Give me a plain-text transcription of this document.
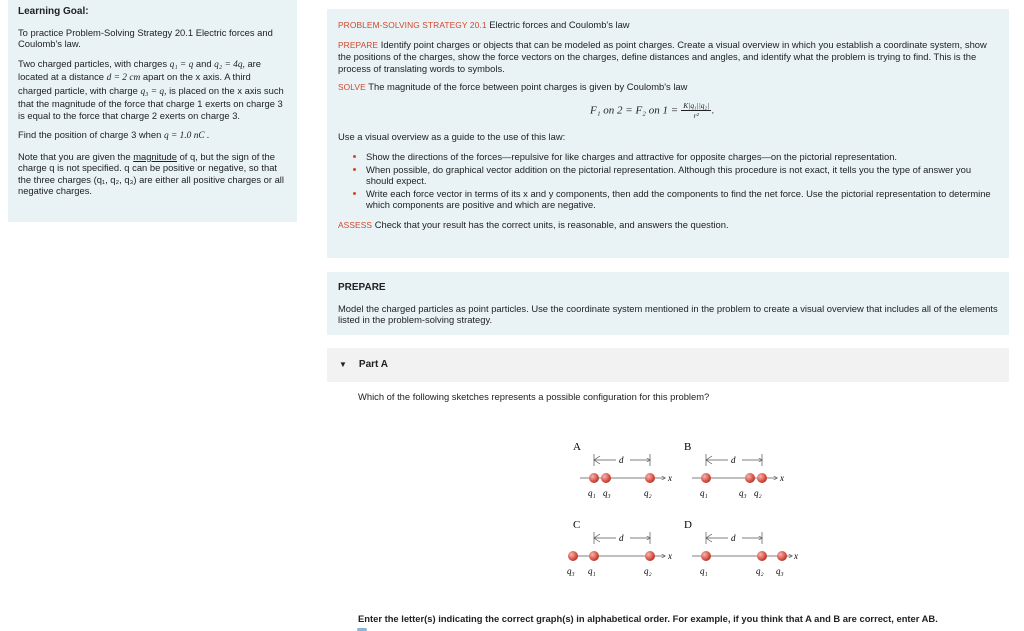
Learning Goal:

To practice Problem-Solving Strategy 20.1 Electric forces and Coulomb's law.

Two charged particles, with charges q₁ = q and q₂ = 4q, are located at a distance d = 2 cm apart on the x axis. A third charged particle, with charge q₃ = q, is placed on the x axis such that the magnitude of the force that charge 1 exerts on charge 3 is equal to the force that charge 2 exerts on charge 3.

Find the position of charge 3 when q = 1.0 nC .

Note that you are given the magnitude of q, but the sign of the charge q is not specified. q can be positive or negative, so that the three charges (q₁, q₂, q₃) are either all positive charges or all negative charges.

PROBLEM-SOLVING STRATEGY 20.1 Electric forces and Coulomb's law

PREPARE Identify point charges or objects that can be modeled as point charges. Create a visual overview in which you establish a coordinate system, show the positions of the charges, show the force vectors on the charges, define distances and angles, and identify what the problem is trying to find. This is the process of translating words to symbols.

SOLVE The magnitude of the force between point charges is given by Coulomb's law

F₁ on 2 = F₂ on $1 = \frac{\text{K|q₁||q₂|}}{\text{r²}}$ .

Use a visual overview as a guide to the use of this law:

• Show the directions of the forces—repulsive for like charges and attractive for opposite charges—on the pictorial representation.
• When possible, do graphical vector addition on the pictorial representation. Although this procedure is not exact, it tells you the type of answer you should expect.
• Write each force vector in terms of its x and y components, then add the components to find the net force. Use the pictorial representation to determine which components are positive and which are negative.

ASSESS Check that your result has the correct units, is reasonable, and answers the question.

PREPARE
Model the charged particles as point particles. Use the coordinate system mentioned in the problem to create a visual overview that includes all of the elements listed in the problem-solving strategy.
▼ Part A
Which of the following sketches represents a possible configuration for this problem?
A
d
x
q₁ q₃	q₂
B
d
x
q₁	q₃ q₂
C
d
x
q₃ q₁	q₂
D
d
x
q₁	q₂ q₃
Enter the letter(s) indicating the correct graph(s) in alphabetical order. For example, if you think that A and B are correct, enter AB.
